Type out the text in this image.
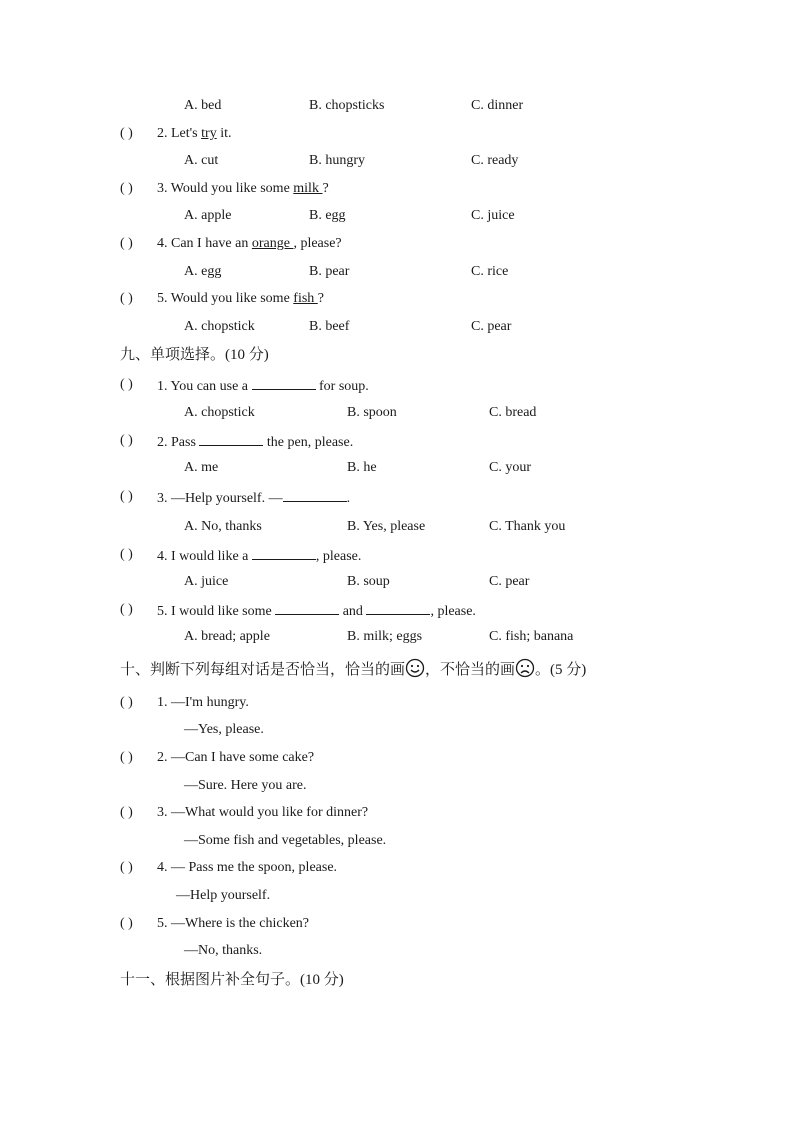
A. bed	B. chopsticks	C. dinner
( ) 2. Let's try it.
A. cut	B. hungry	C. ready
( ) 3. Would you like some milk ?
A. apple	B. egg	C. juice
( ) 4. Can I have an orange , please?
A. egg	B. pear	C. rice
( ) 5. Would you like some fish ?
A. chopstick	B. beef	C. pear
九、单项选择。(10 分)
( ) 1. You can use a	for soup.
A. chopstick	B. spoon	C. bread
( ) 2. Pass	the pen, please.
A. me	B. he	C. your
( ) 3. —Help yourself. —	.
A. No, thanks	B. Yes, please	C. Thank you
( ) 4. I would like a	, please.
A. juice	B. soup	C. pear
( ) 5. I would like some	and	, please.
A. bread; apple	B. milk; eggs	C. fish; banana
十、判断下列每组对话是否恰当，恰当的画 ，不恰当的画 。(5 分)
( ) 1. —I'm hungry.
—Yes, please.
( ) 2. —Can I have some cake?
—Sure. Here you are.
( ) 3. —What would you like for dinner?
—Some fish and vegetables, please.
( ) 4. — Pass me the spoon, please.
—Help yourself.
( ) 5. —Where is the chicken?
—No, thanks.
十一、根据图片补全句子。(10 分)
